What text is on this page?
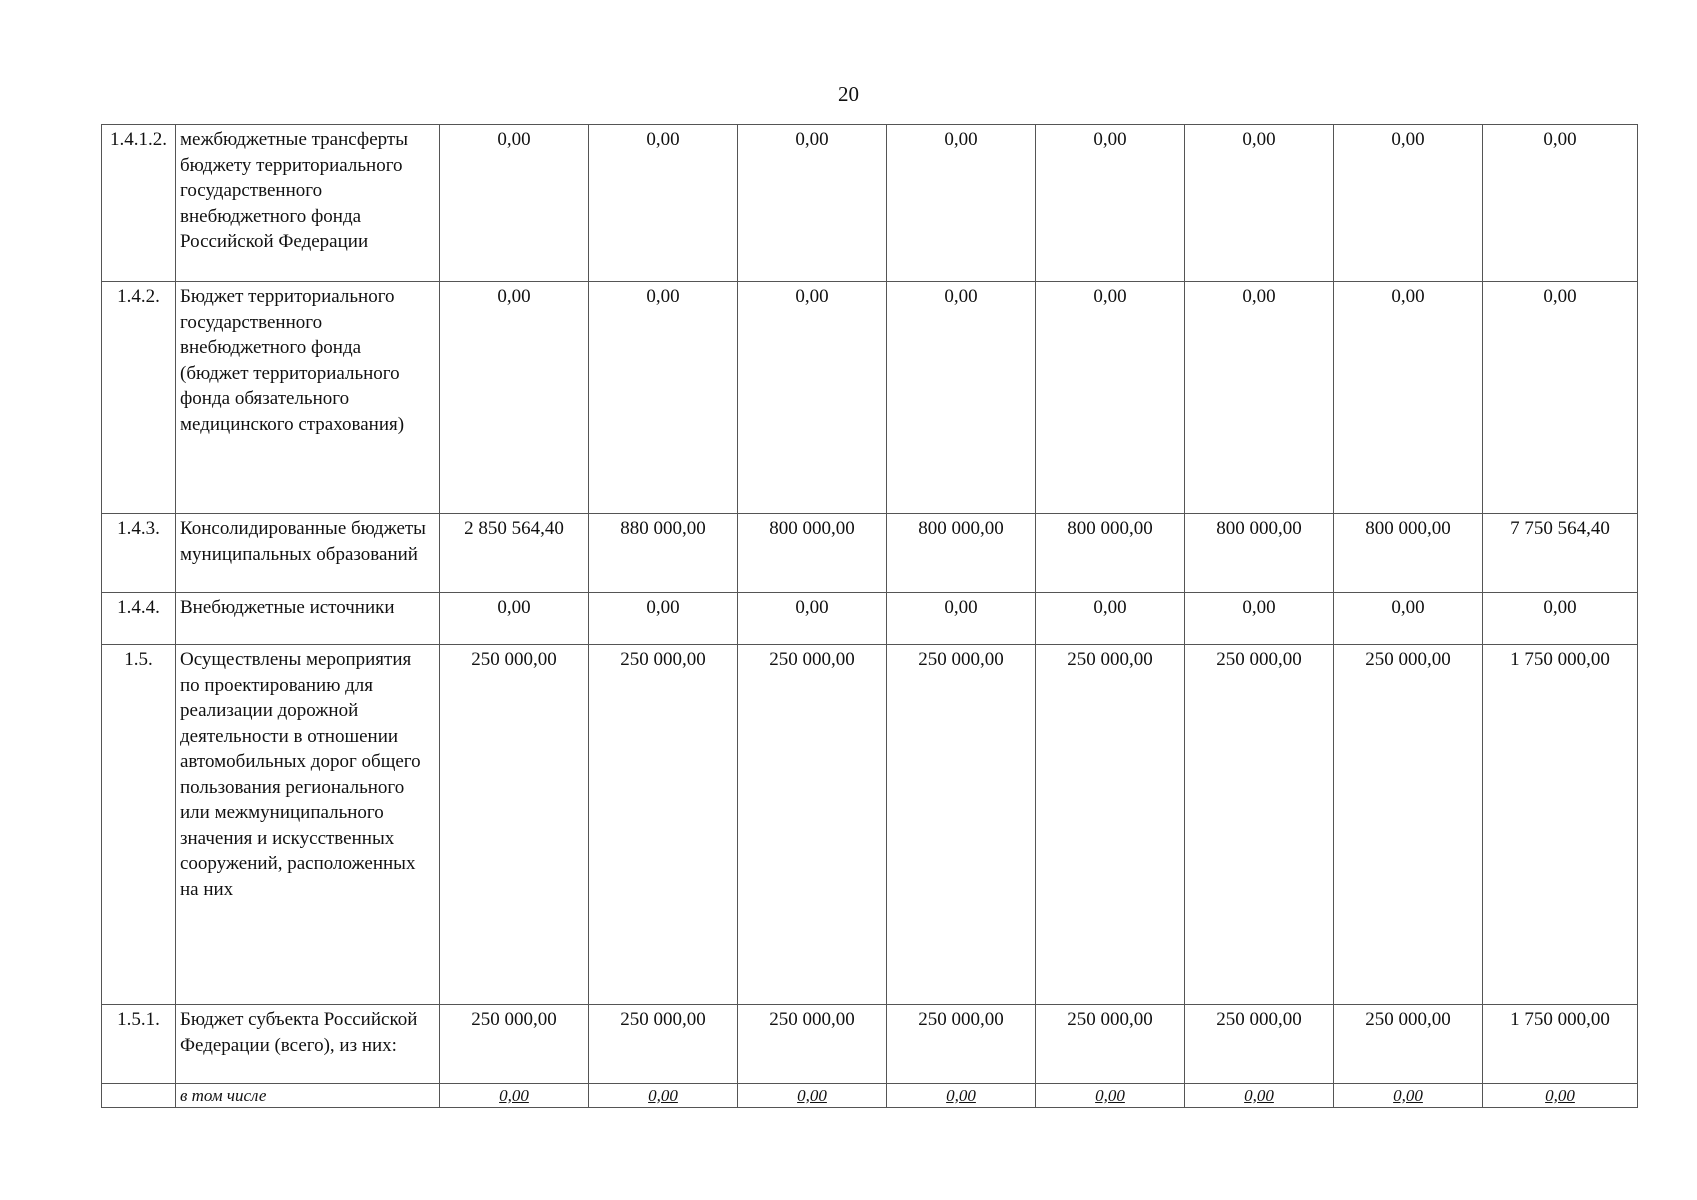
20
1.4.1.2.	межбюджетные трансферты бюджету территориального государственного внебюджетного фонда Российской Федерации	0,00	0,00	0,00	0,00	0,00	0,00	0,00	0,00
1.4.2.	Бюджет территориального государственного внебюджетного фонда (бюджет территориального фонда обязательного медицинского страхования)	0,00	0,00	0,00	0,00	0,00	0,00	0,00	0,00
1.4.3.	Консолидированные бюджеты муниципальных образований	2 850 564,40	880 000,00	800 000,00	800 000,00	800 000,00	800 000,00	800 000,00	7 750 564,40
1.4.4.	Внебюджетные источники	0,00	0,00	0,00	0,00	0,00	0,00	0,00	0,00
1.5.	Осуществлены мероприятия по проектированию для реализации дорожной деятельности в отношении автомобильных дорог общего пользования регионального или межмуниципального значения и искусственных сооружений, расположенных на них	250 000,00	250 000,00	250 000,00	250 000,00	250 000,00	250 000,00	250 000,00	1 750 000,00
1.5.1.	Бюджет субъекта Российской Федерации (всего), из них:	250 000,00	250 000,00	250 000,00	250 000,00	250 000,00	250 000,00	250 000,00	1 750 000,00
	в том числе	0,00	0,00	0,00	0,00	0,00	0,00	0,00	0,00
